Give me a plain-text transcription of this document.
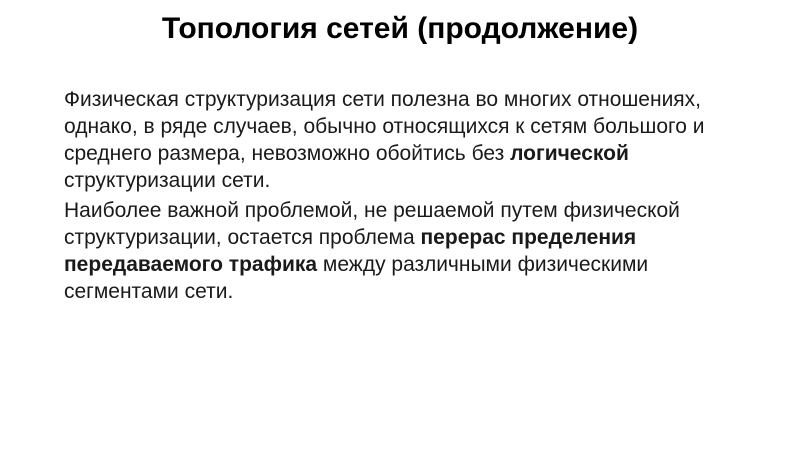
Топология сетей (продолжение)

Физическая структуризация сети полезна во многих отношениях, однако, в ряде случаев, обычно относящихся к сетям большого и среднего размера, невозможно обойтись без логической структуризации сети.

Наиболее важной проблемой, не решаемой путем физической структуризации, остается проблема перерас пределения передаваемого трафика между различными физическими сегментами сети.
